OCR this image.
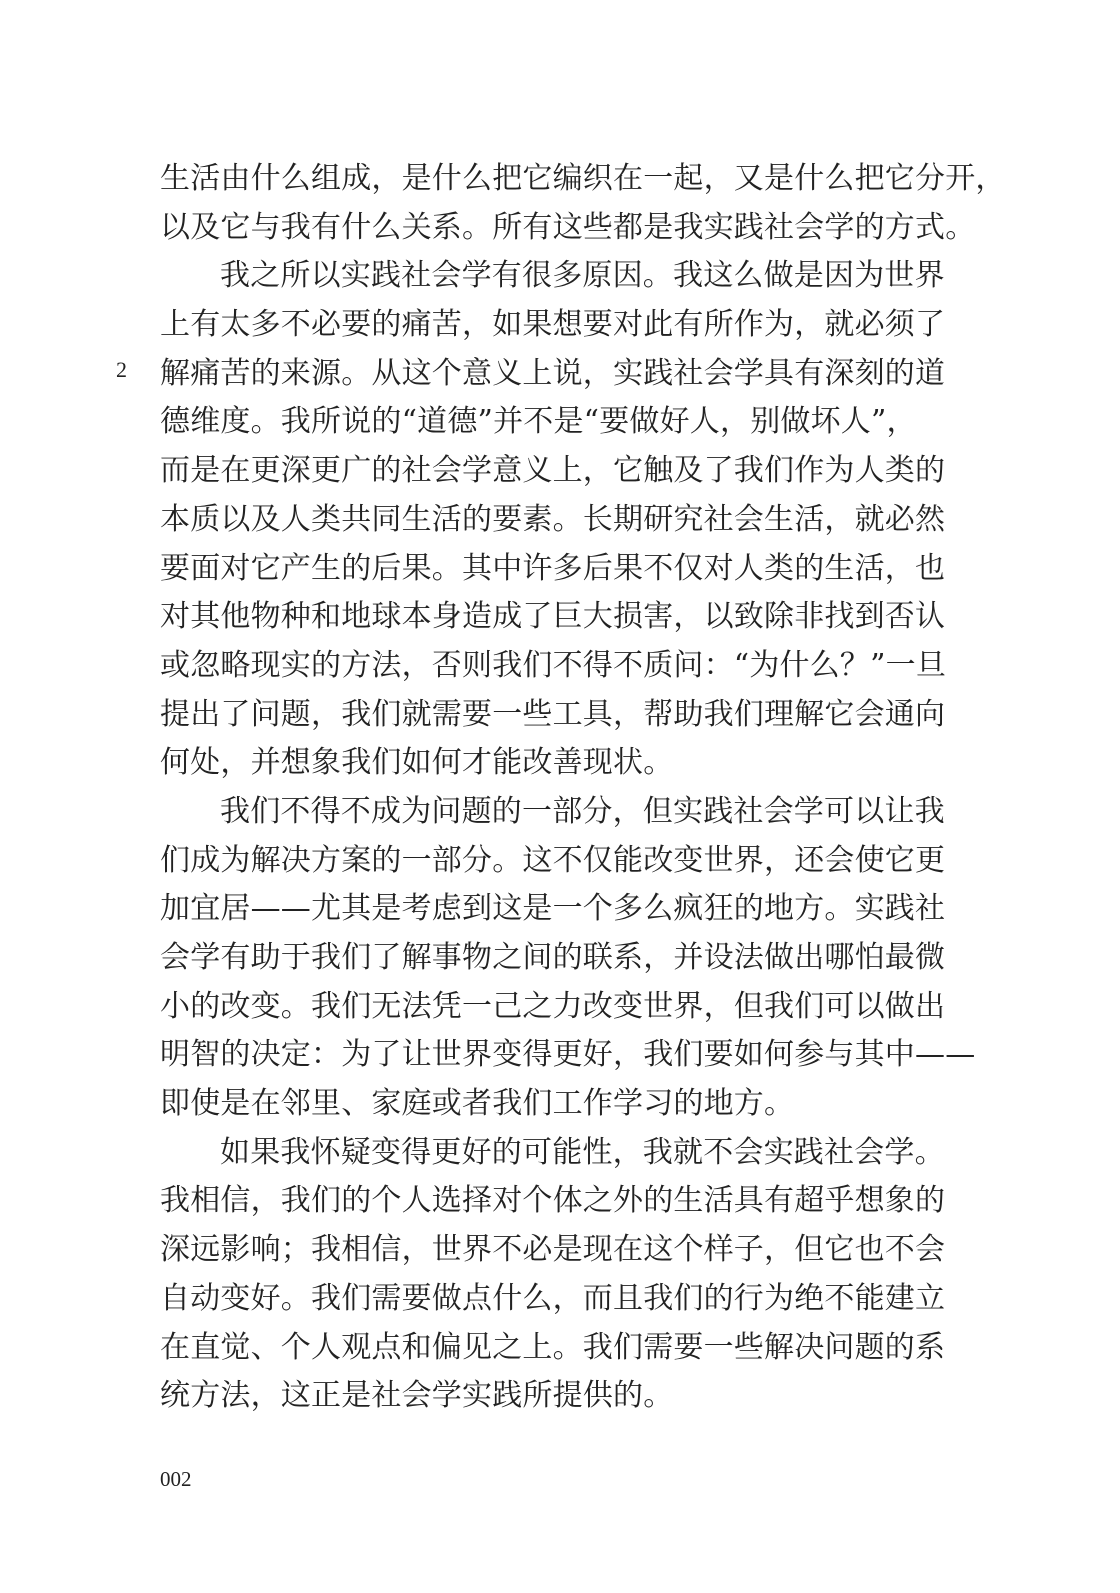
2
生活由什么组成，是什么把它编织在一起，又是什么把它分开，
以及它与我有什么关系。所有这些都是我实践社会学的方式。
我之所以实践社会学有很多原因。我这么做是因为世界
上有太多不必要的痛苦，如果想要对此有所作为，就必须了
解痛苦的来源。从这个意义上说，实践社会学具有深刻的道
德维度。我所说的“道德”并不是“要做好人，别做坏人”，
而是在更深更广的社会学意义上，它触及了我们作为人类的
本质以及人类共同生活的要素。长期研究社会生活，就必然
要面对它产生的后果。其中许多后果不仅对人类的生活，也
对其他物种和地球本身造成了巨大损害，以致除非找到否认
或忽略现实的方法，否则我们不得不质问：“为什么？”一旦
提出了问题，我们就需要一些工具，帮助我们理解它会通向
何处，并想象我们如何才能改善现状。
我们不得不成为问题的一部分，但实践社会学可以让我
们成为解决方案的一部分。这不仅能改变世界，还会使它更
加宜居——尤其是考虑到这是一个多么疯狂的地方。实践社
会学有助于我们了解事物之间的联系，并设法做出哪怕最微
小的改变。我们无法凭一己之力改变世界，但我们可以做出
明智的决定：为了让世界变得更好，我们要如何参与其中——
即使是在邻里、家庭或者我们工作学习的地方。
如果我怀疑变得更好的可能性，我就不会实践社会学。
我相信，我们的个人选择对个体之外的生活具有超乎想象的
深远影响；我相信，世界不必是现在这个样子，但它也不会
自动变好。我们需要做点什么，而且我们的行为绝不能建立
在直觉、个人观点和偏见之上。我们需要一些解决问题的系
统方法，这正是社会学实践所提供的。
002
